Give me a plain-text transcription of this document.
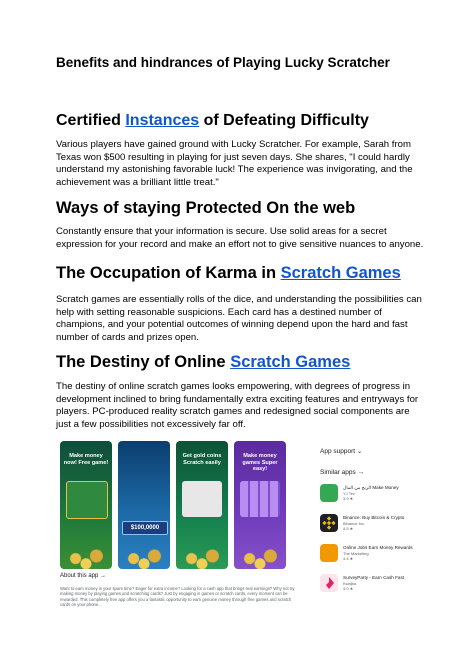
Benefits and hindrances of Playing Lucky Scratcher
Certified Instances of Defeating Difficulty

Various players have gained ground with Lucky Scratcher. For example, Sarah from Texas won $500 resulting in playing for just seven days. She shares, "I could hardly understand my astonishing favorable luck! The experience was invigorating, and the achievement was a brilliant little treat."

Ways of staying Protected On the web

Constantly ensure that your information is secure. Use solid areas for a secret expression for your record and make an effort not to give sensitive nuances to anyone.

The Occupation of Karma in Scratch Games

Scratch games are essentially rolls of the dice, and understanding the possibilities can help with setting reasonable suspicions. Each card has a destined number of champions, and your potential outcomes of winning depend upon the hard and fast number of cards and prizes open.

The Destiny of Online Scratch Games

The destiny of online scratch games looks empowering, with degrees of progress in development inclined to bring fundamentally extra exciting features and entryways for players. PC-produced reality scratch games and redesigned social components are just a few possibilities not excessively far off.

Make money now! Free game!
$100,0000
Get gold coins Scratch easily
Make money games Super easy!
About this app →
Want to earn money in your spare time? Eager for extra income? Looking for a cash app that brings real earnings? Why not try making money by playing games and scratching cards? Just by engaging in games or scratch cards, every moment can be rewarded. This completely free app offers you a fantastic opportunity to earn genuine money through free games and scratch cards on your phone...
App support ⌄
Similar apps →
الربح من المال Make Money
YJ Tec
3.9 ★
Binance: Buy Bitcoin & Crypto
Binance Inc.
4.5 ★
Online Jobs Earn Money Rewards
The Marketing
4.4 ★
SurveyParty - Earn Cash Fast
Kwajba
4.0 ★
